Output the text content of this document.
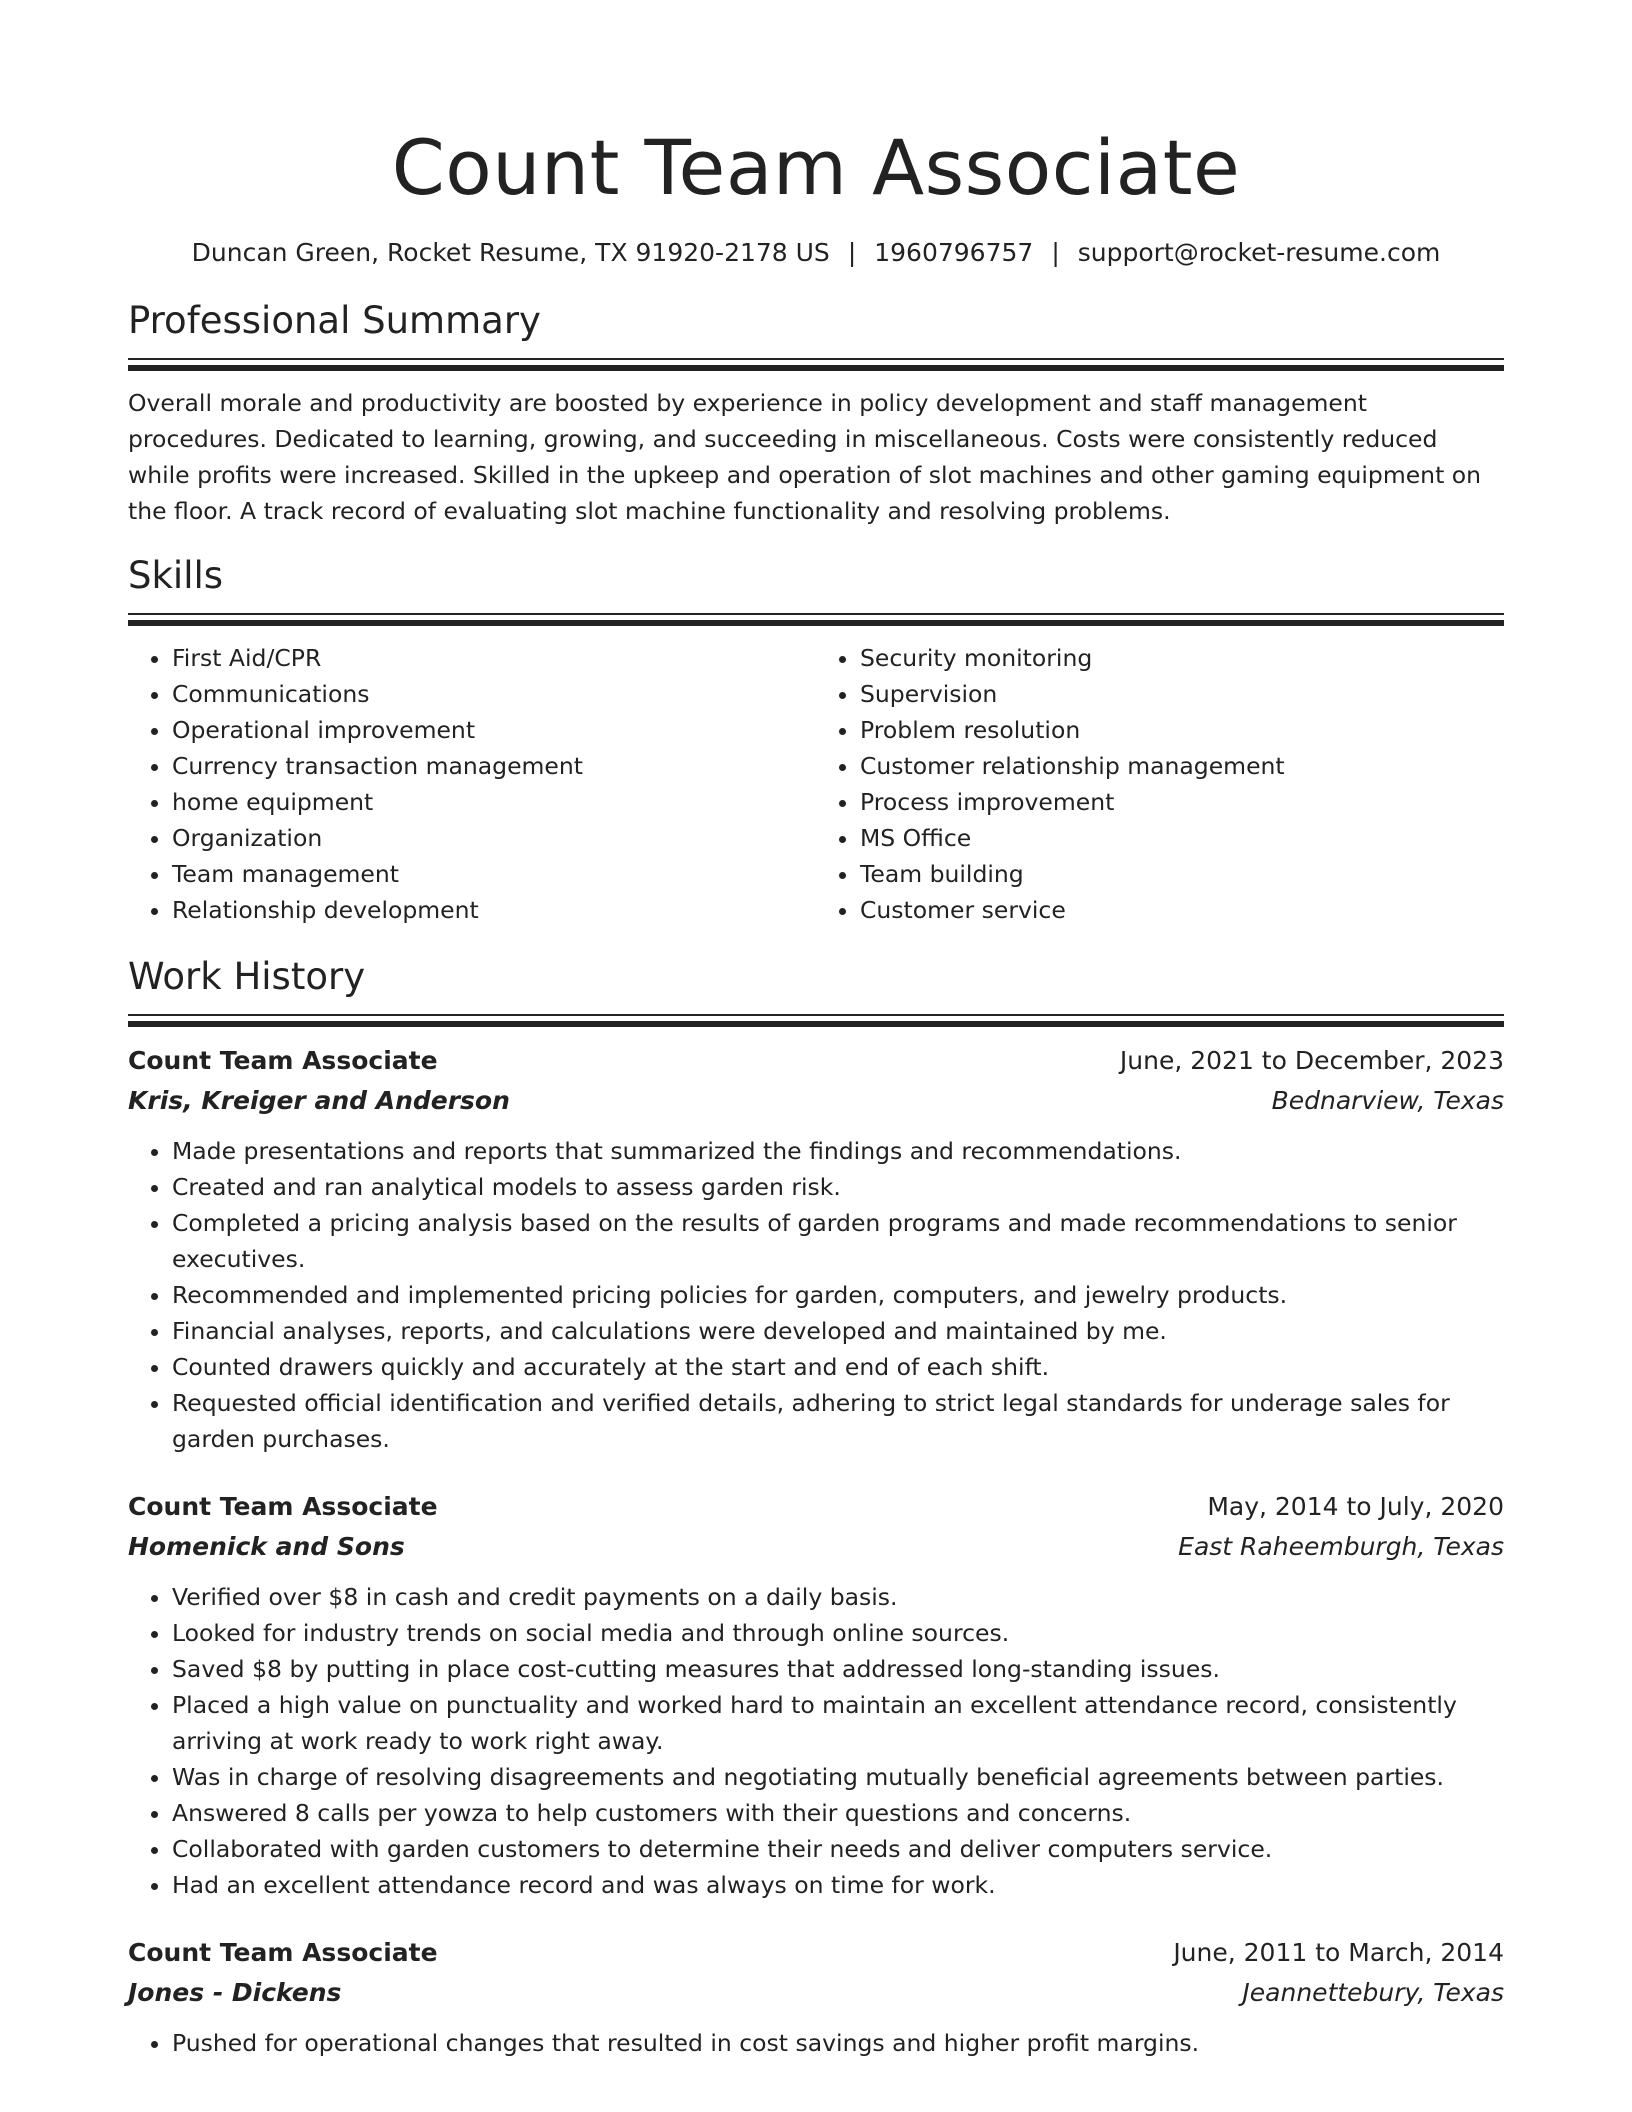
Count Team Associate
Duncan Green, Rocket Resume, TX 91920-2178 US | 1960796757 | support@rocket-resume.com
Professional Summary

Overall morale and productivity are boosted by experience in policy development and staff management procedures. Dedicated to learning, growing, and succeeding in miscellaneous. Costs were consistently reduced while profits were increased. Skilled in the upkeep and operation of slot machines and other gaming equipment on the floor. A track record of evaluating slot machine functionality and resolving problems.

Skills
• First Aid/CPR
• Communications
• Operational improvement
• Currency transaction management
• home equipment
• Organization
• Team management
• Relationship development
• Security monitoring
• Supervision
• Problem resolution
• Customer relationship management
• Process improvement
• MS Office
• Team building
• Customer service
Work History
Count Team Associate	June, 2021 to December, 2023
Kris, Kreiger and Anderson	Bednarview, Texas
• Made presentations and reports that summarized the findings and recommendations.
• Created and ran analytical models to assess garden risk.
• Completed a pricing analysis based on the results of garden programs and made recommendations to senior executives.
• Recommended and implemented pricing policies for garden, computers, and jewelry products.
• Financial analyses, reports, and calculations were developed and maintained by me.
• Counted drawers quickly and accurately at the start and end of each shift.
• Requested official identification and verified details, adhering to strict legal standards for underage sales for garden purchases.
Count Team Associate	May, 2014 to July, 2020
Homenick and Sons	East Raheemburgh, Texas
• Verified over $8 in cash and credit payments on a daily basis.
• Looked for industry trends on social media and through online sources.
• Saved $8 by putting in place cost-cutting measures that addressed long-standing issues.
• Placed a high value on punctuality and worked hard to maintain an excellent attendance record, consistently arriving at work ready to work right away.
• Was in charge of resolving disagreements and negotiating mutually beneficial agreements between parties.
• Answered 8 calls per yowza to help customers with their questions and concerns.
• Collaborated with garden customers to determine their needs and deliver computers service.
• Had an excellent attendance record and was always on time for work.
Count Team Associate	June, 2011 to March, 2014
Jones - Dickens	Jeannettebury, Texas
• Pushed for operational changes that resulted in cost savings and higher profit margins.
